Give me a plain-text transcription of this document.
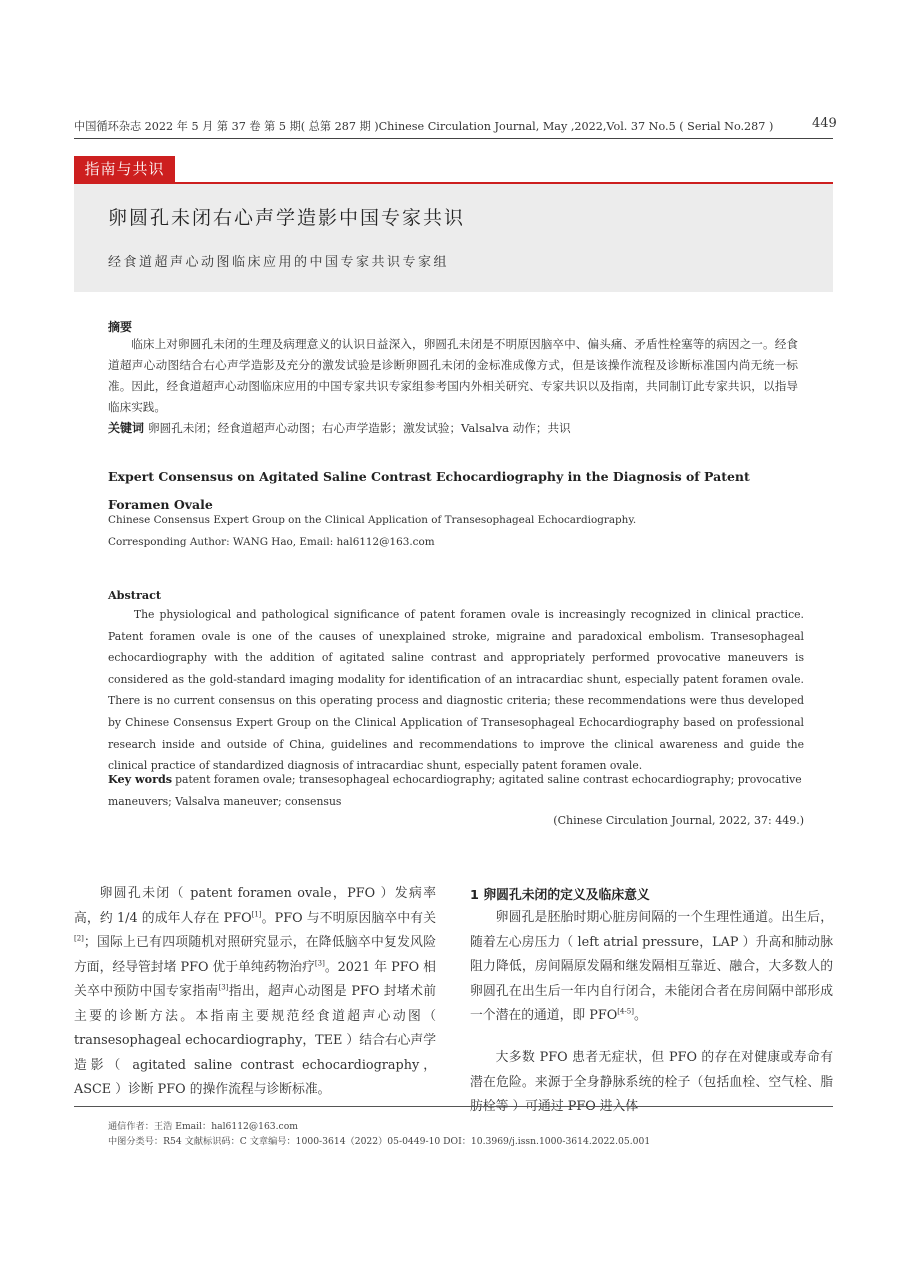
中国循环杂志 2022 年 5 月 第 37 卷 第 5 期( 总第 287 期 )Chinese Circulation Journal, May ,2022,Vol. 37 No.5 ( Serial No.287 )	449
指南与共识
卵圆孔未闭右心声学造影中国专家共识
经食道超声心动图临床应用的中国专家共识专家组
摘要
临床上对卵圆孔未闭的生理及病理意义的认识日益深入，卵圆孔未闭是不明原因脑卒中、偏头痛、矛盾性栓塞等的病因之一。经食道超声心动图结合右心声学造影及充分的激发试验是诊断卵圆孔未闭的金标准成像方式，但是该操作流程及诊断标准国内尚无统一标准。因此，经食道超声心动图临床应用的中国专家共识专家组参考国内外相关研究、专家共识以及指南，共同制订此专家共识，以指导临床实践。
关键词 卵圆孔未闭；经食道超声心动图；右心声学造影；激发试验；Valsalva 动作；共识
Expert Consensus on Agitated Saline Contrast Echocardiography in the Diagnosis of Patent Foramen Ovale
Chinese Consensus Expert Group on the Clinical Application of Transesophageal Echocardiography.
Corresponding Author: WANG Hao, Email: hal6112@163.com
Abstract
The physiological and pathological significance of patent foramen ovale is increasingly recognized in clinical practice. Patent foramen ovale is one of the causes of unexplained stroke, migraine and paradoxical embolism. Transesophageal echocardiography with the addition of agitated saline contrast and appropriately performed provocative maneuvers is considered as the gold-standard imaging modality for identification of an intracardiac shunt, especially patent foramen ovale. There is no current consensus on this operating process and diagnostic criteria; these recommendations were thus developed by Chinese Consensus Expert Group on the Clinical Application of Transesophageal Echocardiography based on professional research inside and outside of China, guidelines and recommendations to improve the clinical awareness and guide the clinical practice of standardized diagnosis of intracardiac shunt, especially patent foramen ovale.
Key words patent foramen ovale; transesophageal echocardiography; agitated saline contrast echocardiography; provocative maneuvers; Valsalva maneuver; consensus
(Chinese Circulation Journal, 2022, 37: 449.)
卵圆孔未闭（ patent foramen ovale，PFO ）发病率高，约 1/4 的成年人存在 PFO[1]。PFO 与不明原因脑卒中有关[2]；国际上已有四项随机对照研究显示，在降低脑卒中复发风险方面，经导管封堵 PFO 优于单纯药物治疗[3]。2021 年 PFO 相关卒中预防中国专家指南[3]指出，超声心动图是 PFO 封堵术前主要的诊断方法。本指南主要规范经食道超声心动图（ transesophageal echocardiography，TEE ）结合右心声学造影（ agitated saline contrast echocardiography，ASCE ）诊断 PFO 的操作流程与诊断标准。
1 卵圆孔未闭的定义及临床意义
卵圆孔是胚胎时期心脏房间隔的一个生理性通道。出生后，随着左心房压力（ left atrial pressure，LAP ）升高和肺动脉阻力降低，房间隔原发隔和继发隔相互靠近、融合，大多数人的卵圆孔在出生后一年内自行闭合，未能闭合者在房间隔中部形成一个潜在的通道，即 PFO[4-5]。
大多数 PFO 患者无症状，但 PFO 的存在对健康或寿命有潜在危险。来源于全身静脉系统的栓子（包括血栓、空气栓、脂肪栓等 ）可通过 PFO 进入体
通信作者：王浩 Email：hal6112@163.com
中图分类号：R54 文献标识码：C 文章编号：1000-3614（2022）05-0449-10 DOI：10.3969/j.issn.1000-3614.2022.05.001
